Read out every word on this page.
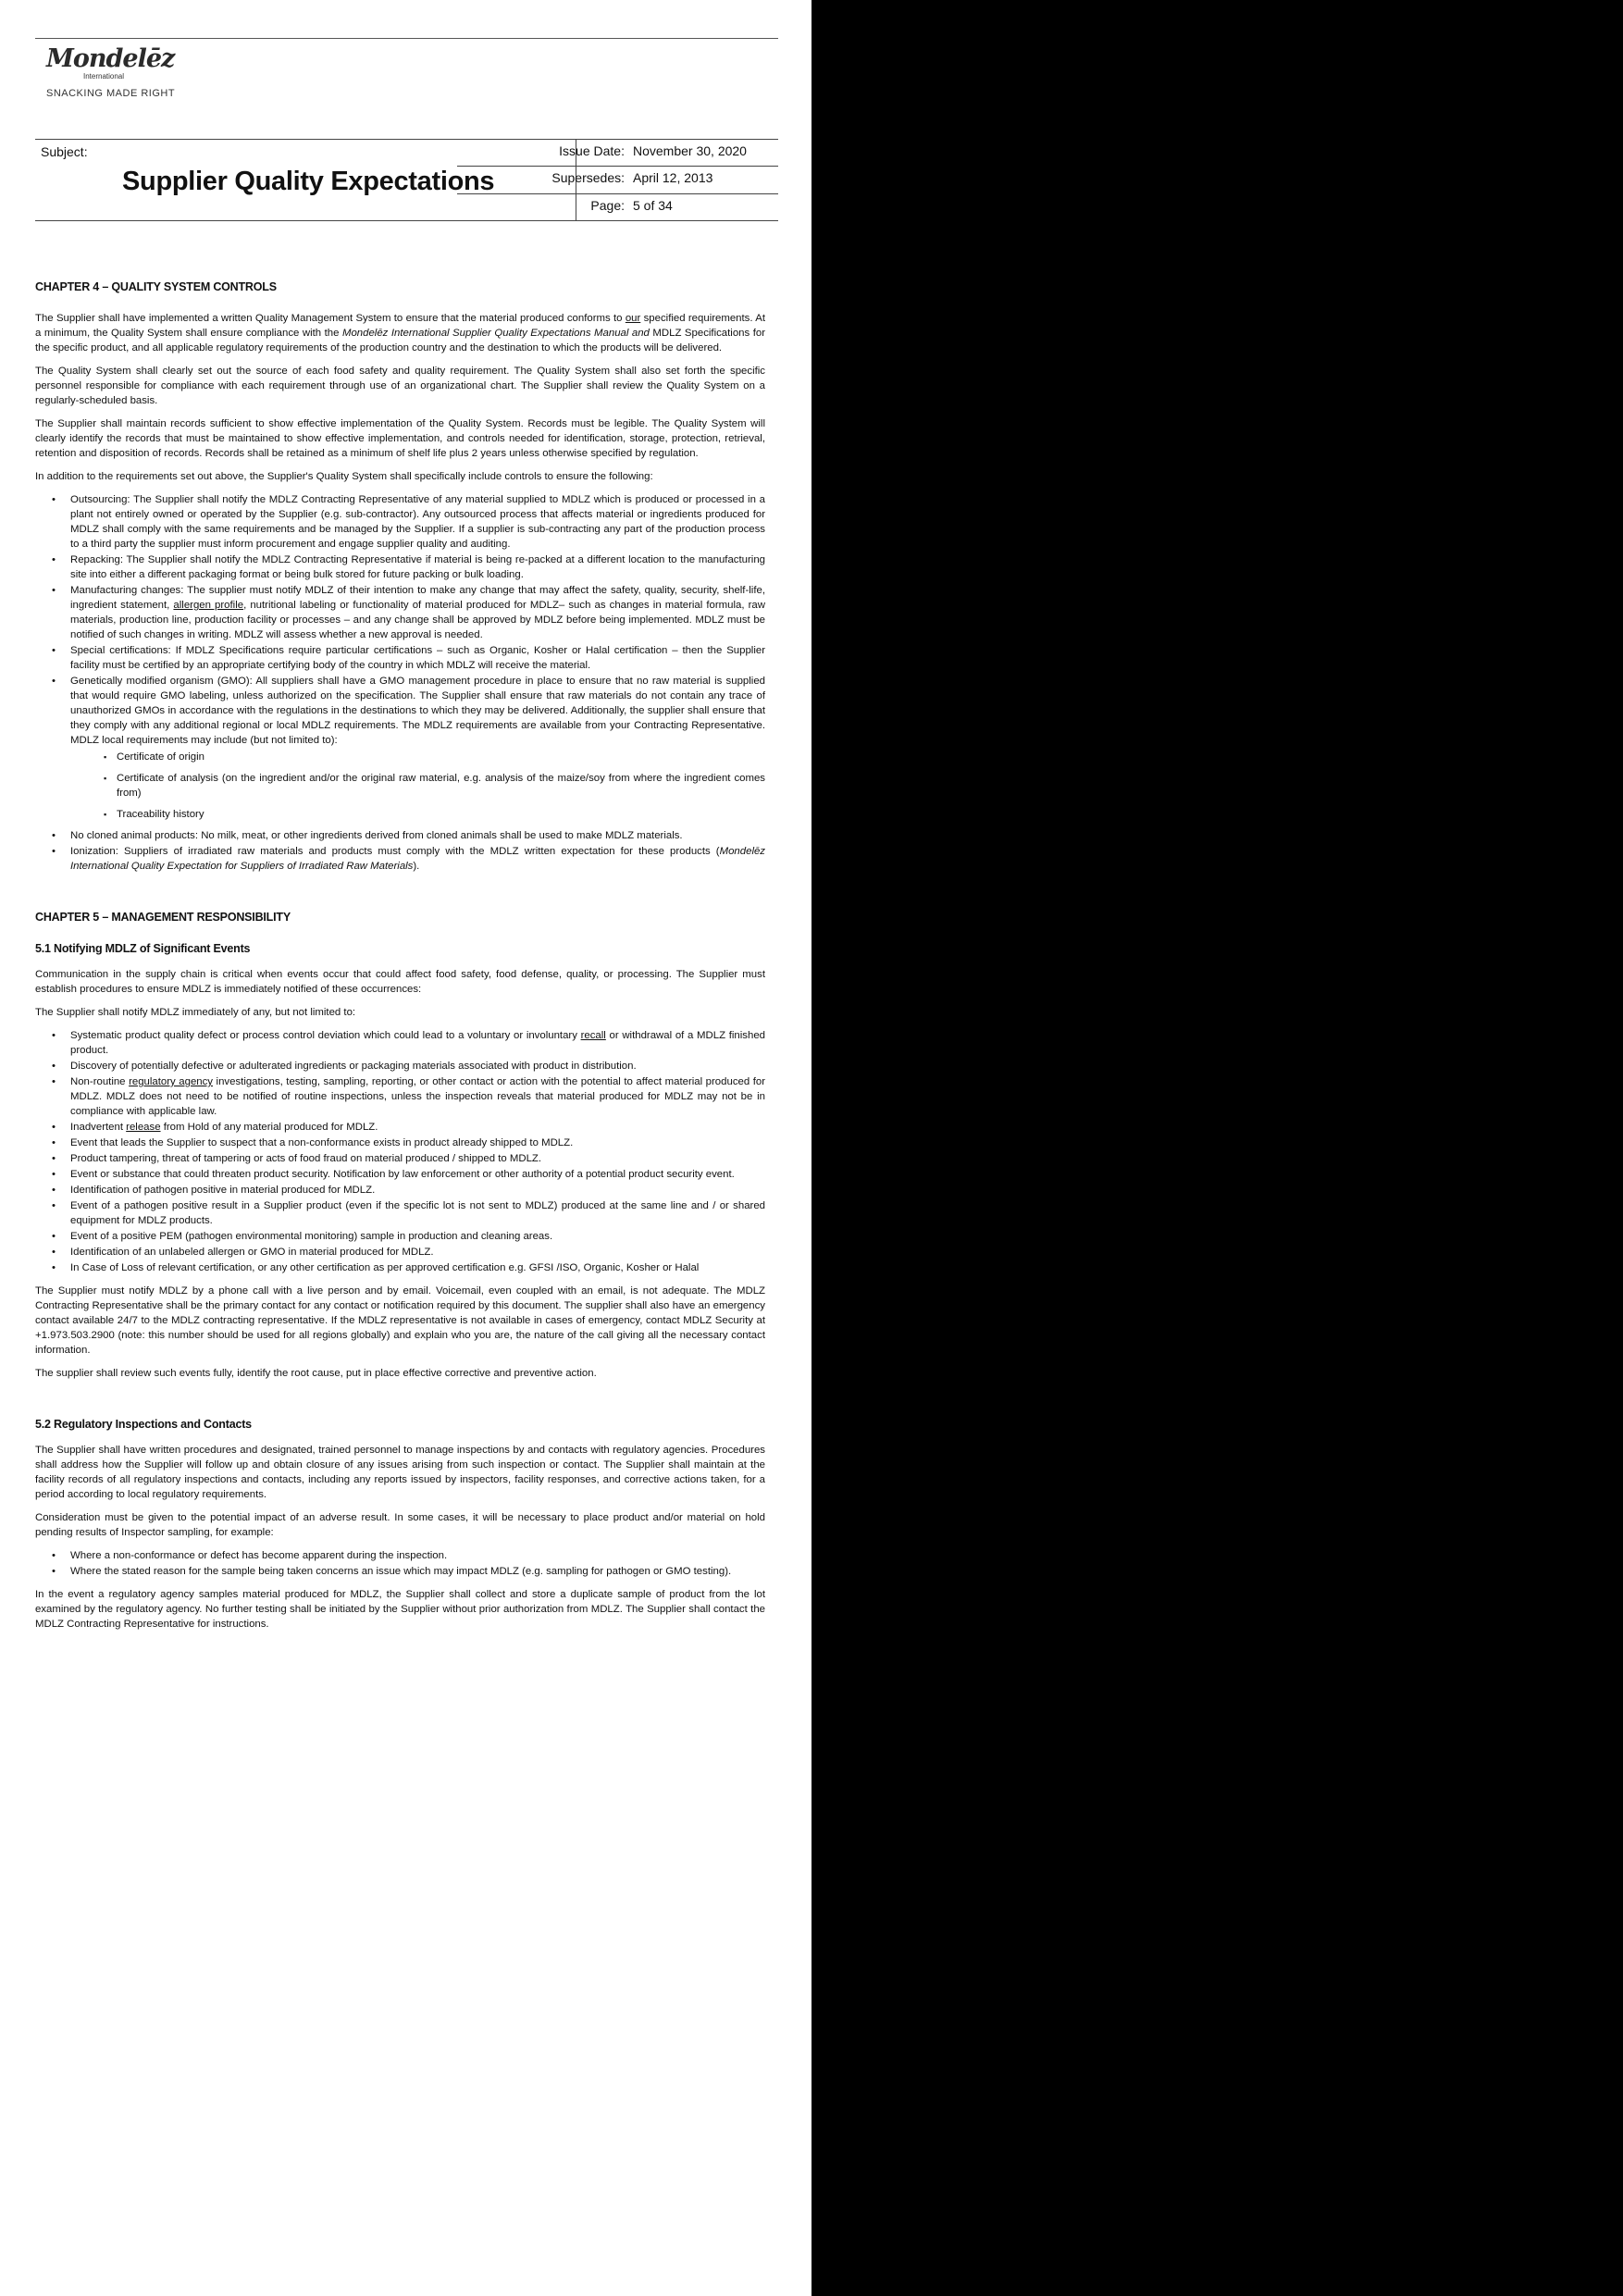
Mondelēz
International
SNACKING MADE RIGHT
Subject:
Supplier Quality Expectations
Issue Date: November 30, 2020
Supersedes: April 12, 2013
Page: 5 of 34
CHAPTER 4 – QUALITY SYSTEM CONTROLS

The Supplier shall have implemented a written Quality Management System to ensure that the material produced conforms to our specified requirements. At a minimum, the Quality System shall ensure compliance with the Mondelēz International Supplier Quality Expectations Manual and MDLZ Specifications for the specific product, and all applicable regulatory requirements of the production country and the destination to which the products will be delivered.

The Quality System shall clearly set out the source of each food safety and quality requirement. The Quality System shall also set forth the specific personnel responsible for compliance with each requirement through use of an organizational chart. The Supplier shall review the Quality System on a regularly-scheduled basis.

The Supplier shall maintain records sufficient to show effective implementation of the Quality System. Records must be legible. The Quality System will clearly identify the records that must be maintained to show effective implementation, and controls needed for identification, storage, protection, retrieval, retention and disposition of records. Records shall be retained as a minimum of shelf life plus 2 years unless otherwise specified by regulation.

In addition to the requirements set out above, the Supplier's Quality System shall specifically include controls to ensure the following:

• Outsourcing: The Supplier shall notify the MDLZ Contracting Representative of any material supplied to MDLZ which is produced or processed in a plant not entirely owned or operated by the Supplier (e.g. sub-contractor). Any outsourced process that affects material or ingredients produced for MDLZ shall comply with the same requirements and be managed by the Supplier. If a supplier is sub-contracting any part of the production process to a third party the supplier must inform procurement and engage supplier quality and auditing.
• Repacking: The Supplier shall notify the MDLZ Contracting Representative if material is being re-packed at a different location to the manufacturing site into either a different packaging format or being bulk stored for future packing or bulk loading.
• Manufacturing changes: The supplier must notify MDLZ of their intention to make any change that may affect the safety, quality, security, shelf-life, ingredient statement, allergen profile, nutritional labeling or functionality of material produced for MDLZ– such as changes in material formula, raw materials, production line, production facility or processes – and any change shall be approved by MDLZ before being implemented. MDLZ must be notified of such changes in writing. MDLZ will assess whether a new approval is needed.
• Special certifications: If MDLZ Specifications require particular certifications – such as Organic, Kosher or Halal certification – then the Supplier facility must be certified by an appropriate certifying body of the country in which MDLZ will receive the material.
• Genetically modified organism (GMO): All suppliers shall have a GMO management procedure in place to ensure that no raw material is supplied that would require GMO labeling, unless authorized on the specification. The Supplier shall ensure that raw materials do not contain any trace of unauthorized GMOs in accordance with the regulations in the destinations to which they may be delivered. Additionally, the supplier shall ensure that they comply with any additional regional or local MDLZ requirements. The MDLZ requirements are available from your Contracting Representative. MDLZ local requirements may include (but not limited to):
▪ Certificate of origin
▪ Certificate of analysis (on the ingredient and/or the original raw material, e.g. analysis of the maize/soy from where the ingredient comes from)
▪ Traceability history
• No cloned animal products: No milk, meat, or other ingredients derived from cloned animals shall be used to make MDLZ materials.
• Ionization: Suppliers of irradiated raw materials and products must comply with the MDLZ written expectation for these products (Mondelēz International Quality Expectation for Suppliers of Irradiated Raw Materials).
CHAPTER 5 – MANAGEMENT RESPONSIBILITY
5.1 Notifying MDLZ of Significant Events

Communication in the supply chain is critical when events occur that could affect food safety, food defense, quality, or processing. The Supplier must establish procedures to ensure MDLZ is immediately notified of these occurrences:

The Supplier shall notify MDLZ immediately of any, but not limited to:

• Systematic product quality defect or process control deviation which could lead to a voluntary or involuntary recall or withdrawal of a MDLZ finished product.
• Discovery of potentially defective or adulterated ingredients or packaging materials associated with product in distribution.
• Non-routine regulatory agency investigations, testing, sampling, reporting, or other contact or action with the potential to affect material produced for MDLZ. MDLZ does not need to be notified of routine inspections, unless the inspection reveals that material produced for MDLZ may not be in compliance with applicable law.
• Inadvertent release from Hold of any material produced for MDLZ.
• Event that leads the Supplier to suspect that a non-conformance exists in product already shipped to MDLZ.
• Product tampering, threat of tampering or acts of food fraud on material produced / shipped to MDLZ.
• Event or substance that could threaten product security. Notification by law enforcement or other authority of a potential product security event.
• Identification of pathogen positive in material produced for MDLZ.
• Event of a pathogen positive result in a Supplier product (even if the specific lot is not sent to MDLZ) produced at the same line and / or shared equipment for MDLZ products.
• Event of a positive PEM (pathogen environmental monitoring) sample in production and cleaning areas.
• Identification of an unlabeled allergen or GMO in material produced for MDLZ.
• In Case of Loss of relevant certification, or any other certification as per approved certification e.g. GFSI /ISO, Organic, Kosher or Halal

The Supplier must notify MDLZ by a phone call with a live person and by email. Voicemail, even coupled with an email, is not adequate. The MDLZ Contracting Representative shall be the primary contact for any contact or notification required by this document. The supplier shall also have an emergency contact available 24/7 to the MDLZ contracting representative. If the MDLZ representative is not available in cases of emergency, contact MDLZ Security at +1.973.503.2900 (note: this number should be used for all regions globally) and explain who you are, the nature of the call giving all the necessary contact information.

The supplier shall review such events fully, identify the root cause, put in place effective corrective and preventive action.

5.2 Regulatory Inspections and Contacts

The Supplier shall have written procedures and designated, trained personnel to manage inspections by and contacts with regulatory agencies. Procedures shall address how the Supplier will follow up and obtain closure of any issues arising from such inspection or contact. The Supplier shall maintain at the facility records of all regulatory inspections and contacts, including any reports issued by inspectors, facility responses, and corrective actions taken, for a period according to local regulatory requirements.

Consideration must be given to the potential impact of an adverse result. In some cases, it will be necessary to place product and/or material on hold pending results of Inspector sampling, for example:

• Where a non-conformance or defect has become apparent during the inspection.
• Where the stated reason for the sample being taken concerns an issue which may impact MDLZ (e.g. sampling for pathogen or GMO testing).

In the event a regulatory agency samples material produced for MDLZ, the Supplier shall collect and store a duplicate sample of product from the lot examined by the regulatory agency. No further testing shall be initiated by the Supplier without prior authorization from MDLZ. The Supplier shall contact the MDLZ Contracting Representative for instructions.
